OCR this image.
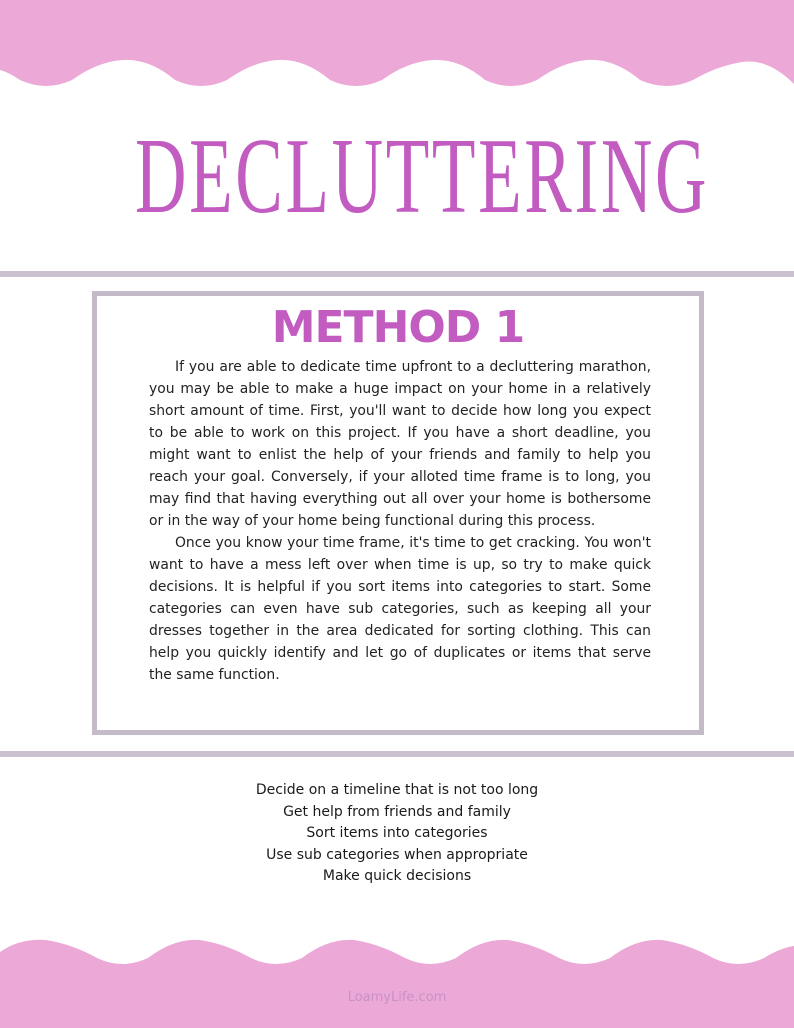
DECLUTTERING
METHOD 1

If you are able to dedicate time upfront to a decluttering marathon, you may be able to make a huge impact on your home in a relatively short amount of time. First, you'll want to decide how long you expect to be able to work on this project. If you have a short deadline, you might want to enlist the help of your friends and family to help you reach your goal. Conversely, if your alloted time frame is to long, you may find that having everything out all over your home is bothersome or in the way of your home being functional during this process.

Once you know your time frame, it's time to get cracking. You won't want to have a mess left over when time is up, so try to make quick decisions. It is helpful if you sort items into categories to start. Some categories can even have sub categories, such as keeping all your dresses together in the area dedicated for sorting clothing. This can help you quickly identify and let go of duplicates or items that serve the same function.

Decide on a timeline that is not too long
Get help from friends and family
Sort items into categories
Use sub categories when appropriate
Make quick decisions
LoamyLife.com
